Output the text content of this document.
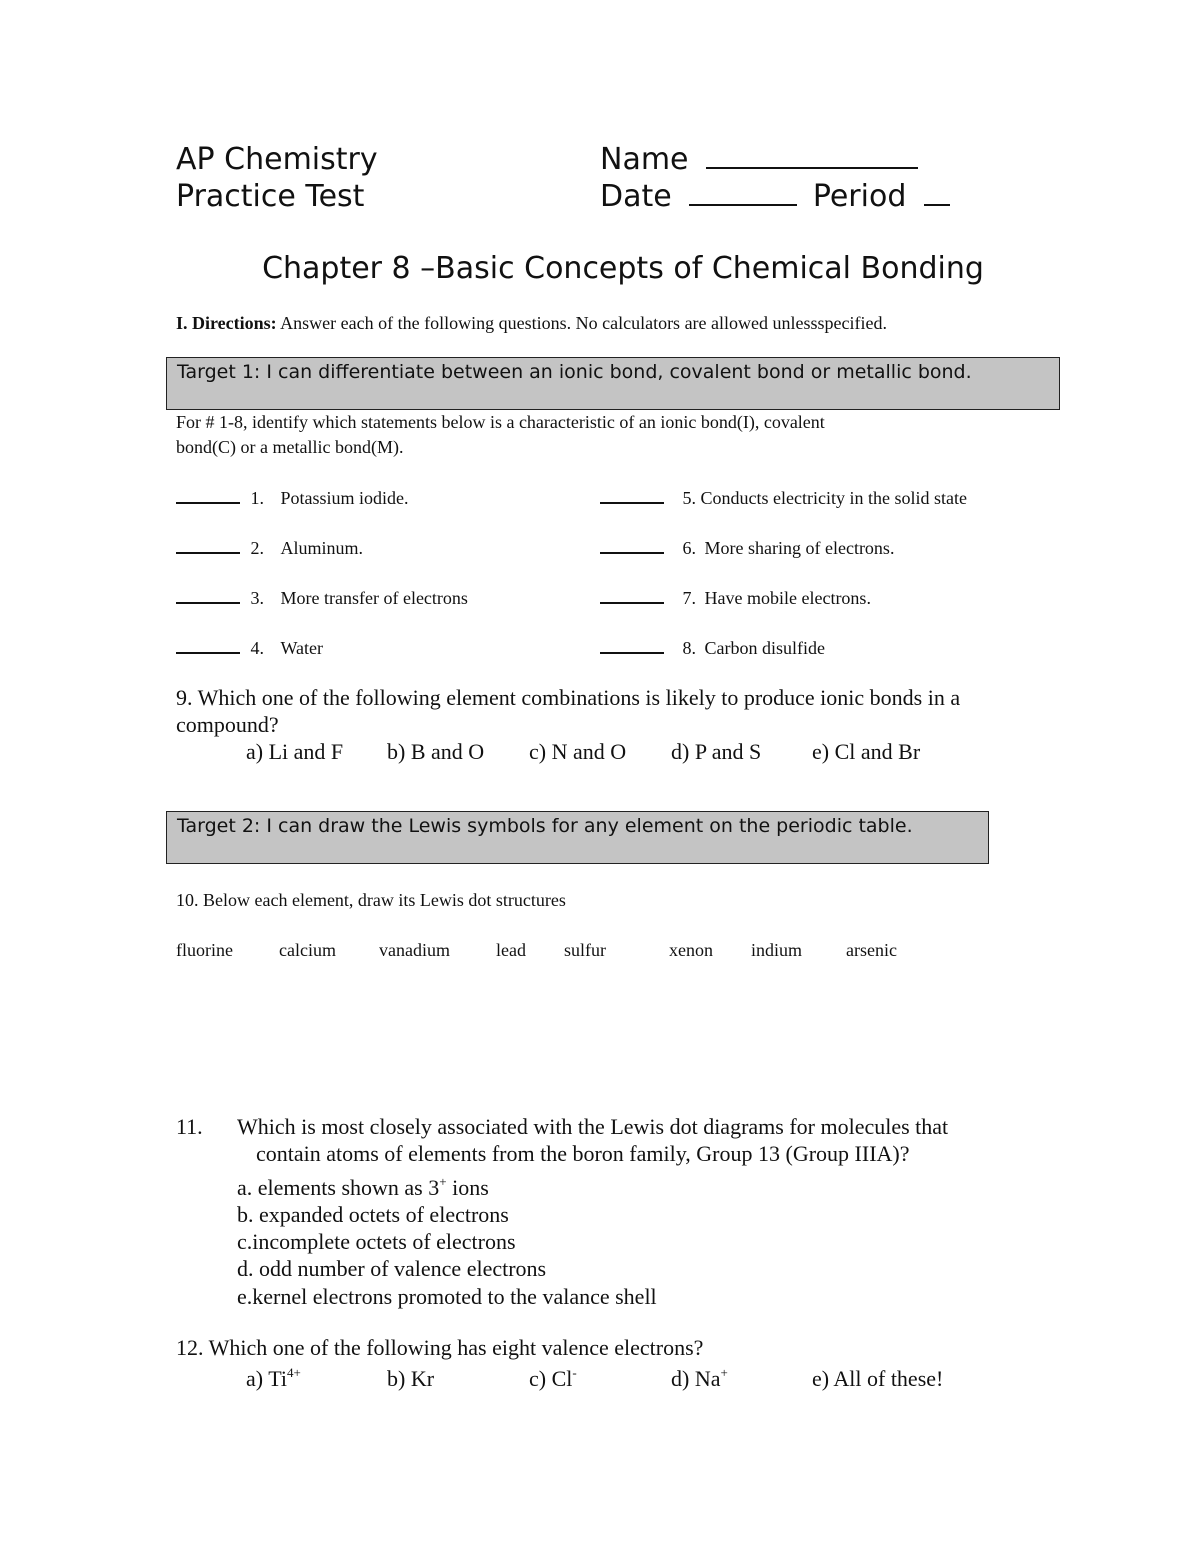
AP Chemistry
Practice Test
Name
Date	Period
Chapter 8 –Basic Concepts of Chemical Bonding
I. Directions: Answer each of the following questions. No calculators are allowed unlessspecified.
Target 1: I can differentiate between an ionic bond, covalent bond or metallic bond.
For # 1-8, identify which statements below is a characteristic of an ionic bond(I), covalent
bond(C) or a metallic bond(M).
1. Potassium iodide.
2. Aluminum.
3. More transfer of electrons
4. Water
5. Conducts electricity in the solid state
6. More sharing of electrons.
7. Have mobile electrons.
8. Carbon disulfide
9. Which one of the following element combinations is likely to produce ionic bonds in a
compound?
a) Li and F b) B and O c) N and O d) P and S e) Cl and Br
Target 2: I can draw the Lewis symbols for any element on the periodic table.
10. Below each element, draw its Lewis dot structures
fluorine	calcium vanadium	lead sulfur	xenon indium arsenic
11. Which is most closely associated with the Lewis dot diagrams for molecules that
contain atoms of elements from the boron family, Group 13 (Group IIIA)?
a. elements shown as 3+ ions
b. expanded octets of electrons
c.incomplete octets of electrons
d. odd number of valence electrons
e.kernel electrons promoted to the valance shell
12. Which one of the following has eight valence electrons?
a) $Ti^{4+}$	b) Kr	c) Cl-	d) Na+	e) All of these!
